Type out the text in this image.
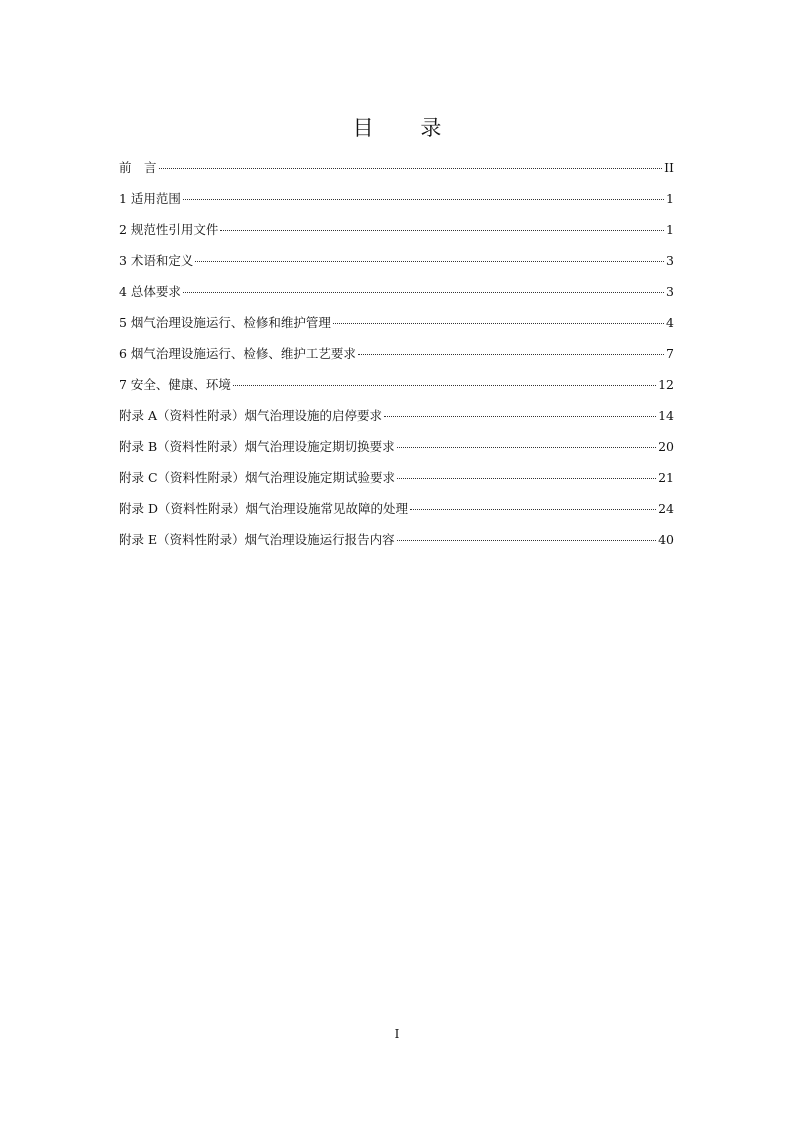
目 录
前　言	II
1 适用范围	1
2 规范性引用文件	1
3 术语和定义	3
4 总体要求	3
5 烟气治理设施运行、检修和维护管理	4
6 烟气治理设施运行、检修、维护工艺要求	7
7 安全、健康、环境	12
附录 A（资料性附录）烟气治理设施的启停要求	14
附录 B（资料性附录）烟气治理设施定期切换要求	20
附录 C（资料性附录）烟气治理设施定期试验要求	21
附录 D（资料性附录）烟气治理设施常见故障的处理	24
附录 E（资料性附录）烟气治理设施运行报告内容	40
I
